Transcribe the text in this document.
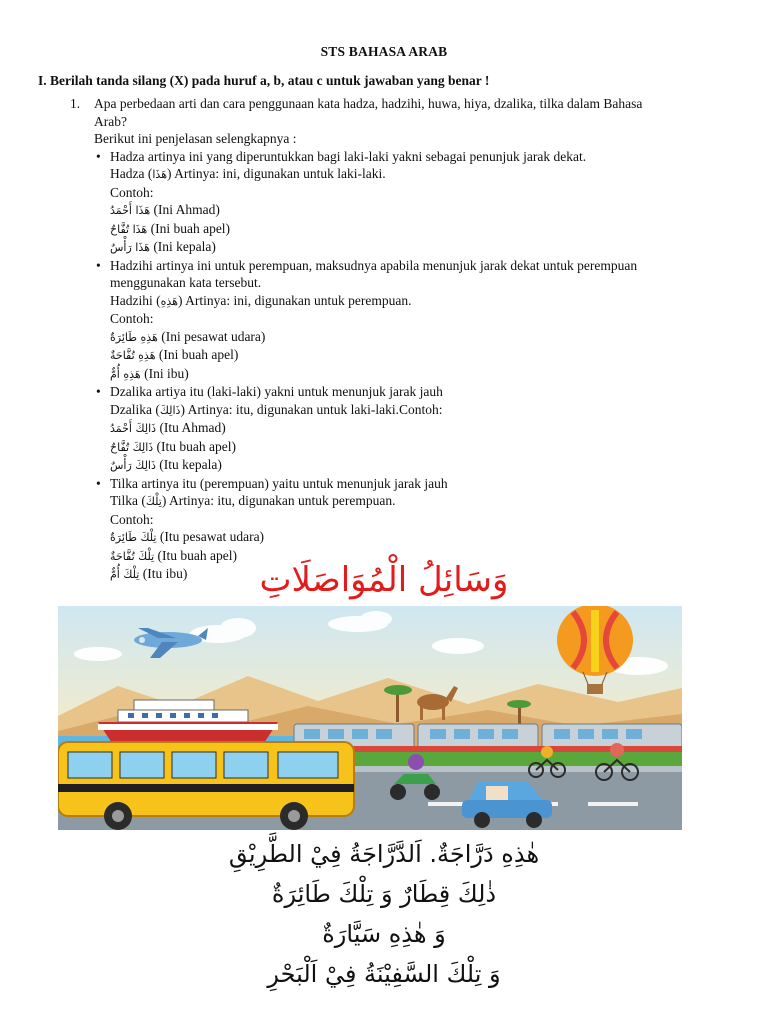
STS BAHASA ARAB
I. Berilah tanda silang (X) pada huruf a, b, atau c untuk jawaban yang benar !
1. Apa perbedaan arti dan cara penggunaan kata hadza, hadzihi, huwa, hiya, dzalika, tilka dalam Bahasa
Arab?
Berikut ini penjelasan selengkapnya :
• Hadza artinya ini yang diperuntukkan bagi laki-laki yakni sebagai penunjuk jarak dekat.
Hadza (هَذَا) Artinya: ini, digunakan untuk laki-laki.
Contoh:
هَذَا أَحْمَدُ (Ini Ahmad)
هَذَا تُفَّاحٌ (Ini buah apel)
هَذَا رَأْسٌ (Ini kepala)
• Hadzihi artinya ini untuk perempuan, maksudnya apabila menunjuk jarak dekat untuk perempuan
menggunakan kata tersebut.
Hadzihi (هَذِهِ) Artinya: ini, digunakan untuk perempuan.
Contoh:
هَذِهِ طَائِرَةٌ (Ini pesawat udara)
هَذِهِ تُفَّاحَةٌ (Ini buah apel)
هَذِهِ أُمٌّ (Ini ibu)
• Dzalika artiya itu (laki-laki) yakni untuk menunjuk jarak jauh
Dzalika (ذَالِكَ) Artinya: itu, digunakan untuk laki-laki.Contoh:
ذَالِكَ أَحْمَدُ (Itu Ahmad)
ذَالِكَ تُفَّاحٌ (Itu buah apel)
ذَالِكَ رَأْسٌ (Itu kepala)
• Tilka artinya itu (perempuan) yaitu untuk menunjuk jarak jauh
Tilka (تِلْكَ) Artinya: itu, digunakan untuk perempuan.
Contoh:
تِلْكَ طَائِرَةٌ (Itu pesawat udara)
تِلْكَ تُفَّاحَةٌ (Itu buah apel)
تِلْكَ أُمٌّ (Itu ibu)	وَسَائِلُ الْمُوَاصَلَاتِ
هٰذِهِ دَرَّاجَةٌ. اَلدَّرَّاجَةُ فِيْ الطَّرِيْقِ
ذٰلِكَ قِطَارٌ وَ تِلْكَ طَائِرَةٌ
وَ هٰذِهِ سَيَّارَةٌ
وَ تِلْكَ السَّفِيْنَةُ فِيْ اَلْبَحْرِ
